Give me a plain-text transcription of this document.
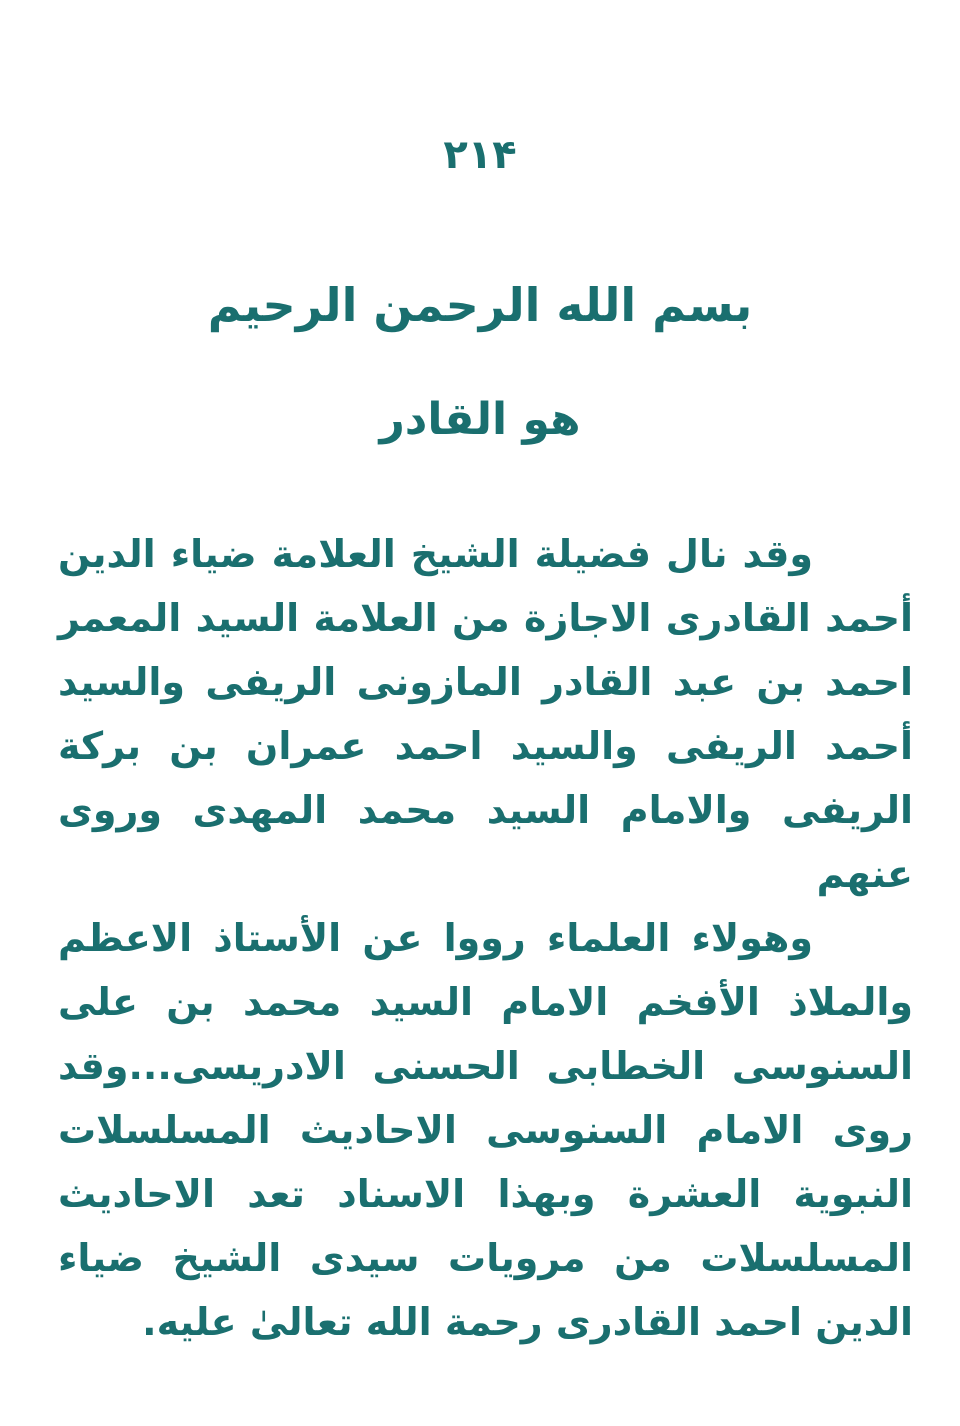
۲۱۴
بسم الله الرحمن الرحيم
هو القادر

وقد نال فضيلة الشيخ العلامة ضياء الدين أحمد القادرى الاجازة من العلامة السيد المعمر احمد بن عبد القادر المازونى الريفى والسيد أحمد الريفى والسيد احمد عمران بن بركة الريفى والامام السيد محمد المهدى وروى عنهم

وهولاء العلماء رووا عن الأستاذ الاعظم والملاذ الأفخم الامام السيد محمد بن على السنوسى الخطابى الحسنى الادريسى...وقد روى الامام السنوسى الاحاديث المسلسلات النبوية العشرة وبهذا الاسناد تعد الاحاديث المسلسلات من مرويات سيدى الشيخ ضياء الدين احمد القادرى رحمة الله تعالیٰ عليه.
